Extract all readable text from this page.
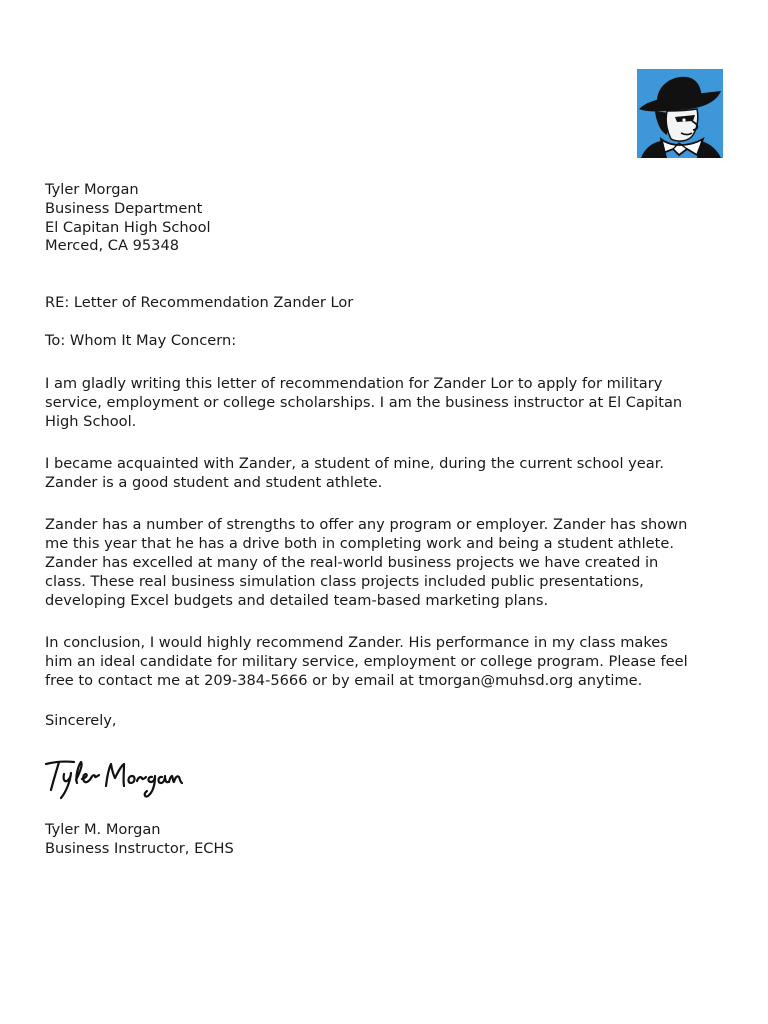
Tyler Morgan
Business Department
El Capitan High School
Merced, CA 95348
RE: Letter of Recommendation Zander Lor
To: Whom It May Concern:
I am gladly writing this letter of recommendation for Zander Lor to apply for military
service, employment or college scholarships. I am the business instructor at El Capitan
High School.
I became acquainted with Zander, a student of mine, during the current school year.
Zander is a good student and student athlete.
Zander has a number of strengths to offer any program or employer. Zander has shown
me this year that he has a drive both in completing work and being a student athlete.
Zander has excelled at many of the real-world business projects we have created in
class. These real business simulation class projects included public presentations,
developing Excel budgets and detailed team-based marketing plans.
In conclusion, I would highly recommend Zander. His performance in my class makes
him an ideal candidate for military service, employment or college program. Please feel
free to contact me at 209-384-5666 or by email at tmorgan@muhsd.org anytime.
Sincerely,
Tyler M. Morgan
Business Instructor, ECHS
